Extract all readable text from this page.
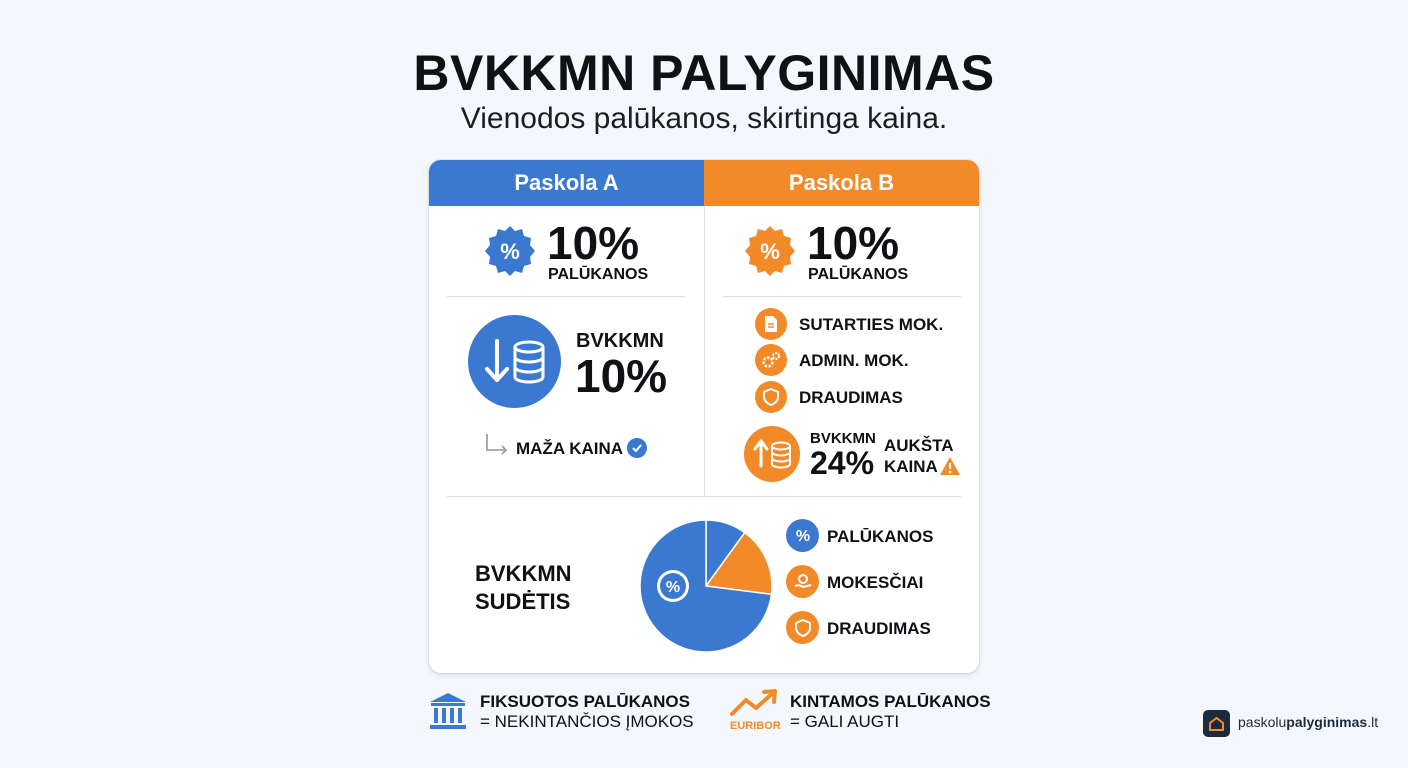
BVKKMN PALYGINIMAS
Vienodos palūkanos, skirtinga kaina.
Paskola A	Paskola B
% 10%
PALŪKANOS
BVKKMN
10%
MAŽA KAINA
% 10%
PALŪKANOS
SUTARTIES MOK.
ADMIN. MOK.
DRAUDIMAS
BVKKMN
24% AUKŠTA
KAINA
BVKKMN
SUDĖTIS
%
% PALŪKANOS
MOKESČIAI
DRAUDIMAS
FIKSUOTOS PALŪKANOS
= NEKINTANČIOS ĮMOKOS	EURIBOR
KINTAMOS PALŪKANOS
= GALI AUGTI	paskolupalyginimas.lt
